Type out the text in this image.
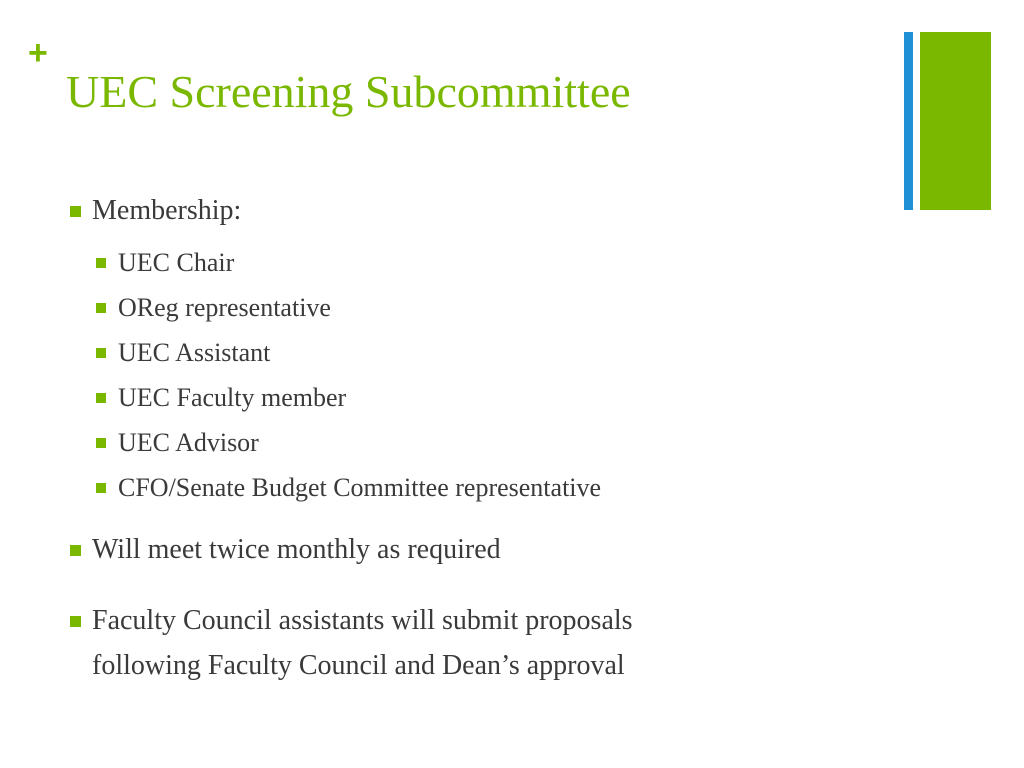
+
UEC Screening Subcommittee
Membership:
UEC Chair
OReg representative
UEC Assistant
UEC Faculty member
UEC Advisor
CFO/Senate Budget Committee representative
Will meet twice monthly as required
Faculty Council assistants will submit proposals
following Faculty Council and Dean’s approval
